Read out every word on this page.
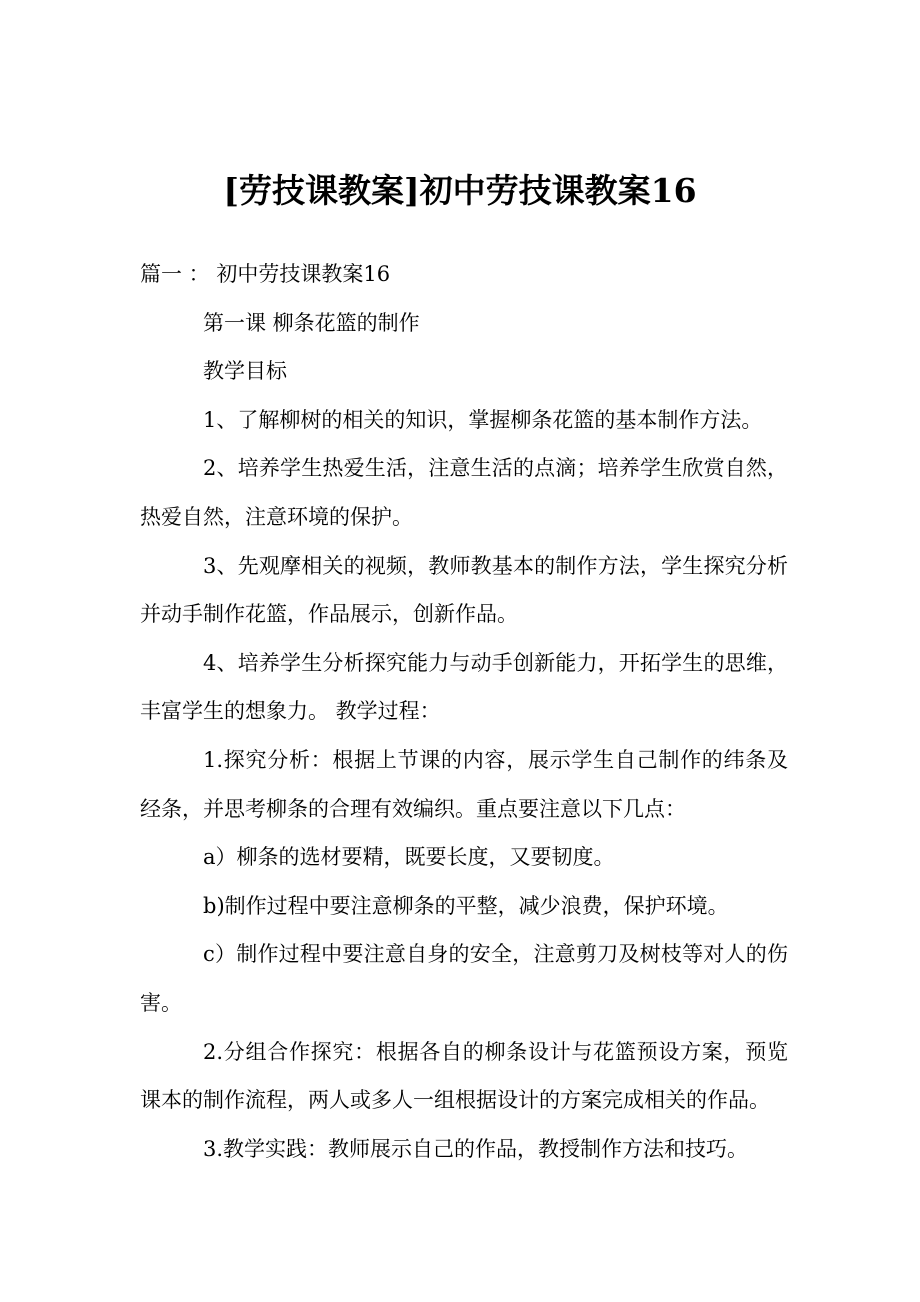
[劳技课教案]初中劳技课教案16

篇一 ： 初中劳技课教案16

第一课 柳条花篮的制作

教学目标

1、了解柳树的相关的知识，掌握柳条花篮的基本制作方法。

2、培养学生热爱生活，注意生活的点滴；培养学生欣赏自然，热爱自然，注意环境的保护。

3、先观摩相关的视频，教师教基本的制作方法，学生探究分析并动手制作花篮，作品展示，创新作品。

4、培养学生分析探究能力与动手创新能力，开拓学生的思维，丰富学生的想象力。 教学过程：

1.探究分析：根据上节课的内容，展示学生自己制作的纬条及经条，并思考柳条的合理有效编织。重点要注意以下几点：

a）柳条的选材要精，既要长度，又要韧度。

b)制作过程中要注意柳条的平整，减少浪费，保护环境。

c）制作过程中要注意自身的安全，注意剪刀及树枝等对人的伤害。

2.分组合作探究：根据各自的柳条设计与花篮预设方案，预览课本的制作流程，两人或多人一组根据设计的方案完成相关的作品。

3.教学实践：教师展示自己的作品，教授制作方法和技巧。
